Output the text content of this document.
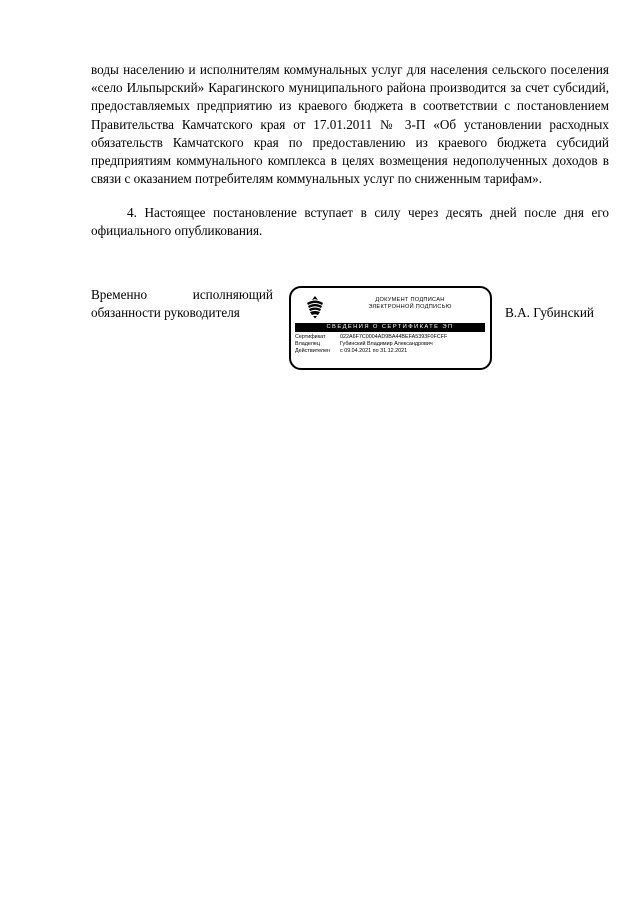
воды населению и исполнителям коммунальных услуг для населения сельского поселения «село Ильпырский» Карагинского муниципального района производится за счет субсидий, предоставляемых предприятию из краевого бюджета в соответствии с постановлением Правительства Камчатского края от 17.01.2011 № 3-П «Об установлении расходных обязательств Камчатского края по предоставлению из краевого бюджета субсидий предприятиям коммунального комплекса в целях возмещения недополученных доходов в связи с оказанием потребителям коммунальных услуг по сниженным тарифам».
4. Настоящее постановление вступает в силу через десять дней после дня его официального опубликования.
Временно исполняющий
обязанности руководителя
ДОКУМЕНТ ПОДПИСАН
ЭЛЕКТРОННОЙ ПОДПИСЬЮ
СВЕДЕНИЯ О СЕРТИФИКАТЕ ЭП
Сертификат	022A6F7C0004AD9BA44BEFA5393F0FCFF
Владелец	Губинский Владимир Александрович
Действителен с 09.04.2021 по 31.12.2021
В.А. Губинский
